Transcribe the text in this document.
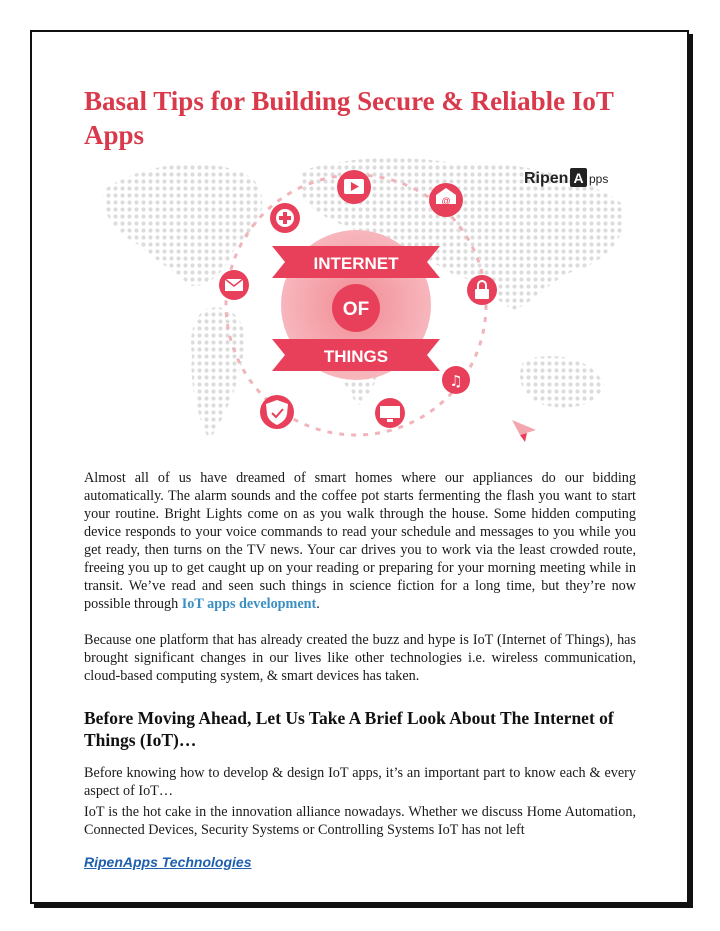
Basal Tips for Building Secure & Reliable IoT Apps
Ripen A pps
INTERNET
OF
THINGS
@
♫

Almost all of us have dreamed of smart homes where our appliances do our bidding automatically. The alarm sounds and the coffee pot starts fermenting the flash you want to start your routine. Bright Lights come on as you walk through the house. Some hidden computing device responds to your voice commands to read your schedule and messages to you while you get ready, then turns on the TV news. Your car drives you to work via the least crowded route, freeing you up to get caught up on your reading or preparing for your morning meeting while in transit. We’ve read and seen such things in science fiction for a long time, but they’re now possible through IoT apps development.

Because one platform that has already created the buzz and hype is IoT (Internet of Things), has brought significant changes in our lives like other technologies i.e. wireless communication, cloud-based computing system, & smart devices has taken.

Before Moving Ahead, Let Us Take A Brief Look About The Internet of Things (IoT)…

Before knowing how to develop & design IoT apps, it’s an important part to know each & every aspect of IoT…

IoT is the hot cake in the innovation alliance nowadays. Whether we discuss Home Automation, Connected Devices, Security Systems or Controlling Systems IoT has not left

RipenApps Technologies
